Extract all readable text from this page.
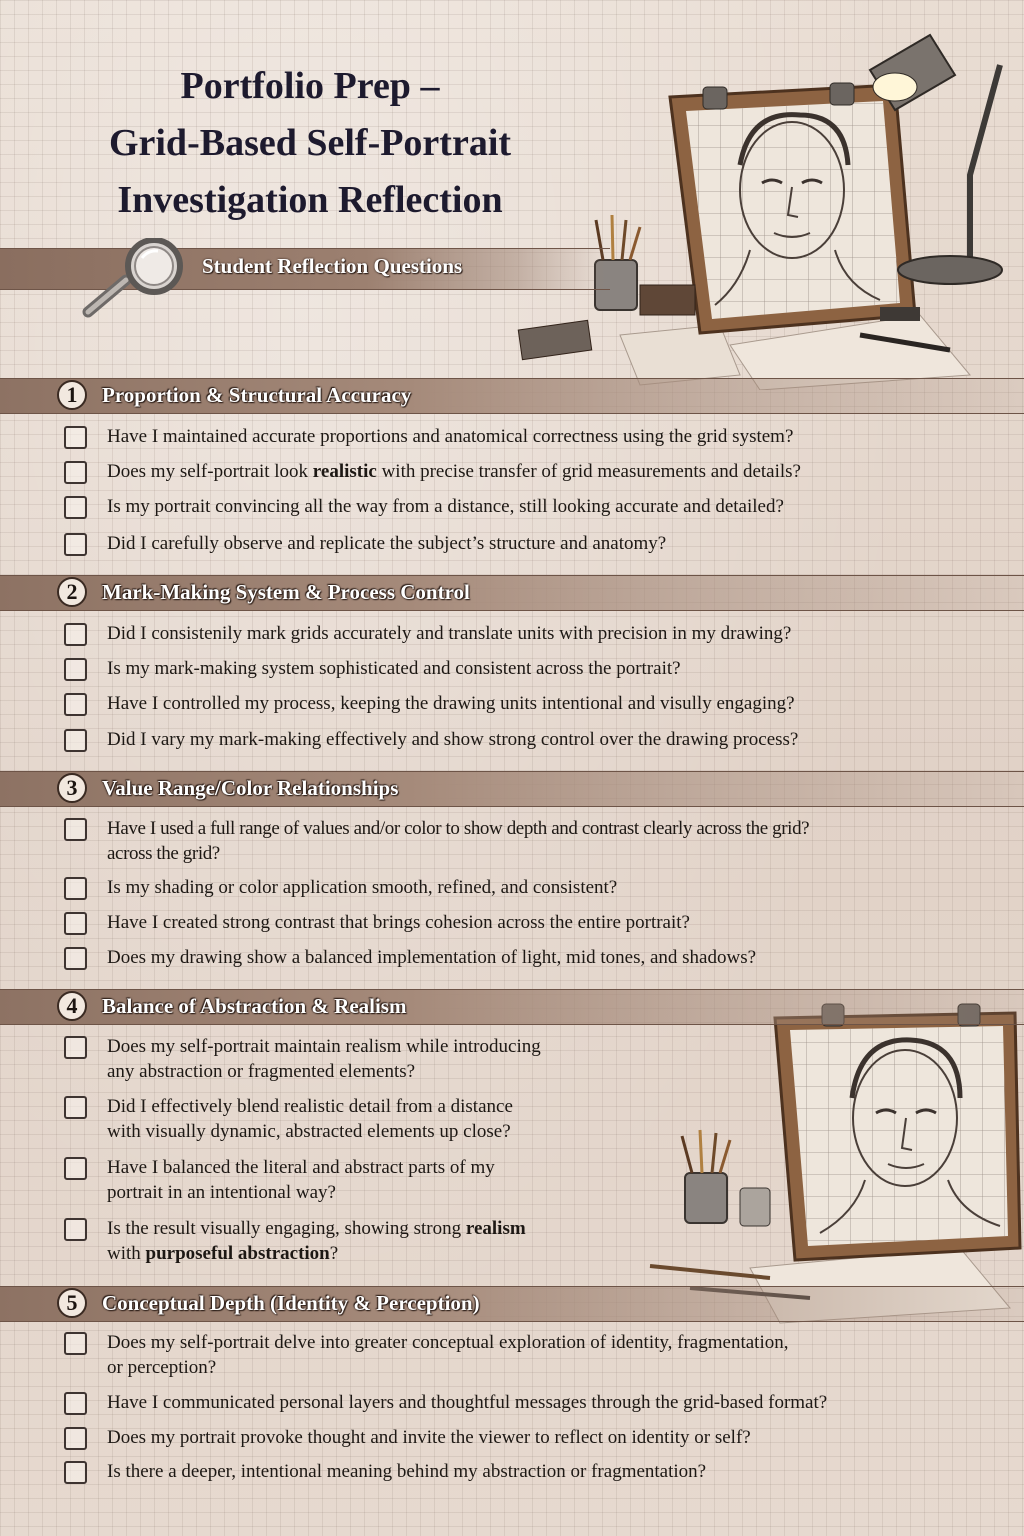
Portfolio Prep –
Grid-Based Self-Portrait
Investigation Reflection
Student Reflection Questions
1	Proportion & Structural Accuracy
Have I maintained accurate proportions and anatomical correctness using the grid system?
Does my self-portrait look realistic with precise transfer of grid measurements and details?
Is my portrait convincing all the way from a distance, still looking accurate and detailed?
Did I carefully observe and replicate the subject’s structure and anatomy?
2	Mark-Making System & Process Control
Did I consistenily mark grids accurately and translate units with precision in my drawing?
Is my mark-making system sophisticated and consistent across the portrait?
Have I controlled my process, keeping the drawing units intentional and visully engaging?
Did I vary my mark-making effectively and show strong control over the drawing process?
3	Value Range/Color Relationships
Have I used a full range of values and/or color to show depth and contrast clearly across the grid?
across the grid?
Is my shading or color application smooth, refined, and consistent?
Have I created strong contrast that brings cohesion across the entire portrait?
Does my drawing show a balanced implementation of light, mid tones, and shadows?
4	Balance of Abstraction & Realism
Does my self-portrait maintain realism while introducing
any abstraction or fragmented elements?
Did I effectively blend realistic detail from a distance
with visually dynamic, abstracted elements up close?
Have I balanced the literal and abstract parts of my
portrait in an intentional way?
Is the result visually engaging, showing strong realism
with purposeful abstraction?
5	Conceptual Depth (Identity & Perception)
Does my self-portrait delve into greater conceptual exploration of identity, fragmentation,
or perception?
Have I communicated personal layers and thoughtful messages through the grid-based format?
Does my portrait provoke thought and invite the viewer to reflect on identity or self?
Is there a deeper, intentional meaning behind my abstraction or fragmentation?
